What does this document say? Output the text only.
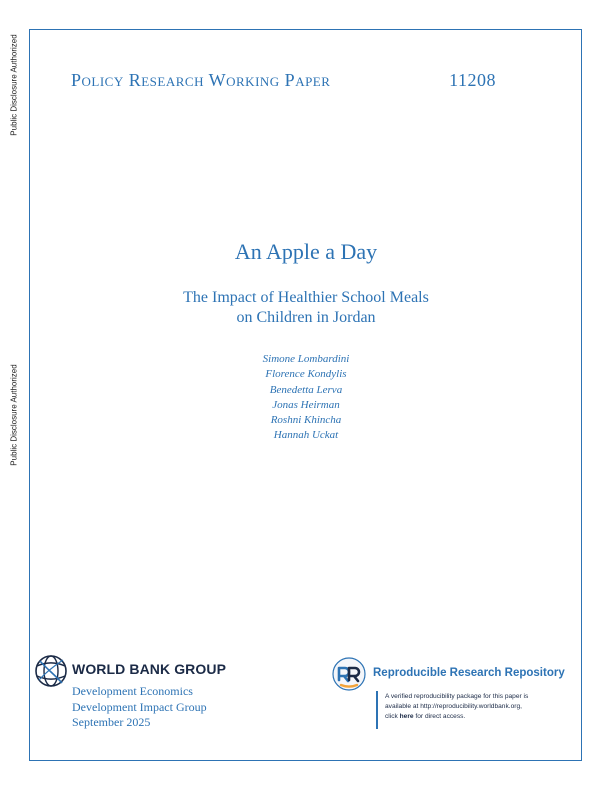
Public Disclosure Authorized
Public Disclosure Authorized
Policy Research Working Paper	11208
An Apple a Day
The Impact of Healthier School Meals
on Children in Jordan
Simone Lombardini
Florence Kondylis
Benedetta Lerva
Jonas Heirman
Roshni Khincha
Hannah Uckat
WORLD BANK GROUP
Development Economics
Development Impact Group
September 2025
Reproducible Research Repository
A verified reproducibility package for this paper is
available at http://reproducibility.worldbank.org,
click here for direct access.
